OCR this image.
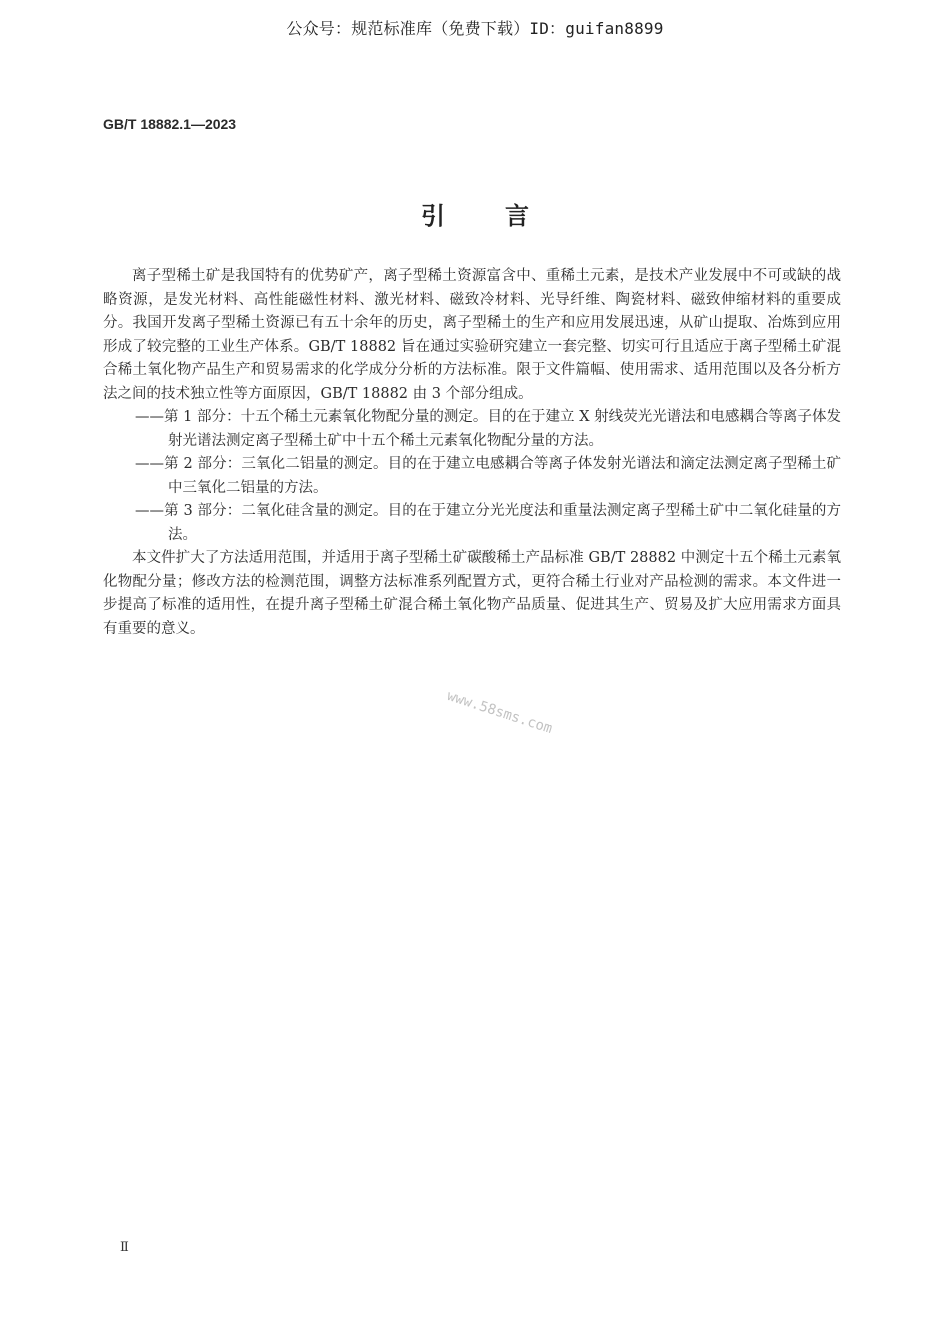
公众号：规范标准库（免费下载）ID：guifan8899
GB/T 18882.1—2023
引言

离子型稀土矿是我国特有的优势矿产，离子型稀土资源富含中、重稀土元素，是技术产业发展中不可或缺的战略资源，是发光材料、高性能磁性材料、激光材料、磁致冷材料、光导纤维、陶瓷材料、磁致伸缩材料的重要成分。我国开发离子型稀土资源已有五十余年的历史，离子型稀土的生产和应用发展迅速，从矿山提取、冶炼到应用形成了较完整的工业生产体系。GB/T 18882 旨在通过实验研究建立一套完整、切实可行且适应于离子型稀土矿混合稀土氧化物产品生产和贸易需求的化学成分分析的方法标准。限于文件篇幅、使用需求、适用范围以及各分析方法之间的技术独立性等方面原因，GB/T 18882 由 3 个部分组成。

——第 1 部分：十五个稀土元素氧化物配分量的测定。目的在于建立 X 射线荧光光谱法和电感耦合等离子体发射光谱法测定离子型稀土矿中十五个稀土元素氧化物配分量的方法。

——第 2 部分：三氧化二铝量的测定。目的在于建立电感耦合等离子体发射光谱法和滴定法测定离子型稀土矿中三氧化二铝量的方法。

——第 3 部分：二氧化硅含量的测定。目的在于建立分光光度法和重量法测定离子型稀土矿中二氧化硅量的方法。

本文件扩大了方法适用范围，并适用于离子型稀土矿碳酸稀土产品标准 GB/T 28882 中测定十五个稀土元素氧化物配分量；修改方法的检测范围，调整方法标准系列配置方式，更符合稀土行业对产品检测的需求。本文件进一步提高了标准的适用性，在提升离子型稀土矿混合稀土氧化物产品质量、促进其生产、贸易及扩大应用需求方面具有重要的意义。

www.58sms.com
Ⅱ
